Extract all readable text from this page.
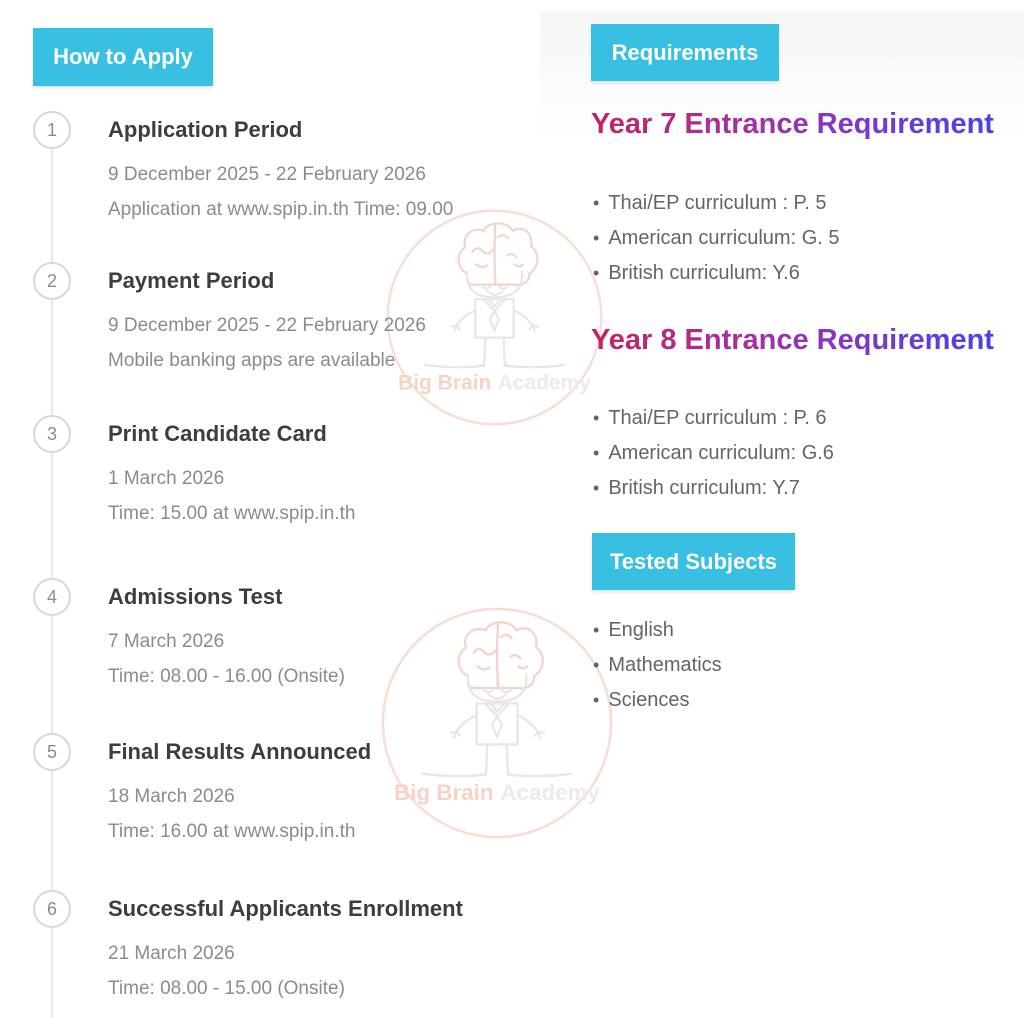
Big Brain Academy
Big Brain Academy
How to Apply
1 Application Period
9 December 2025 - 22 February 2026
Application at www.spip.in.th Time: 09.00
2 Payment Period
9 December 2025 - 22 February 2026
Mobile banking apps are available
3 Print Candidate Card
1 March 2026
Time: 15.00 at www.spip.in.th
4 Admissions Test
7 March 2026
Time: 08.00 - 16.00 (Onsite)
5 Final Results Announced
18 March 2026
Time: 16.00 at www.spip.in.th
6 Successful Applicants Enrollment
21 March 2026
Time: 08.00 - 15.00 (Onsite)
Requirements
Year 7 Entrance Requirement
• Thai/EP curriculum : P. 5
• American curriculum: G. 5
• British curriculum: Y.6
Year 8 Entrance Requirement
• Thai/EP curriculum : P. 6
• American curriculum: G.6
• British curriculum: Y.7
Tested Subjects
• English
• Mathematics
• Sciences
